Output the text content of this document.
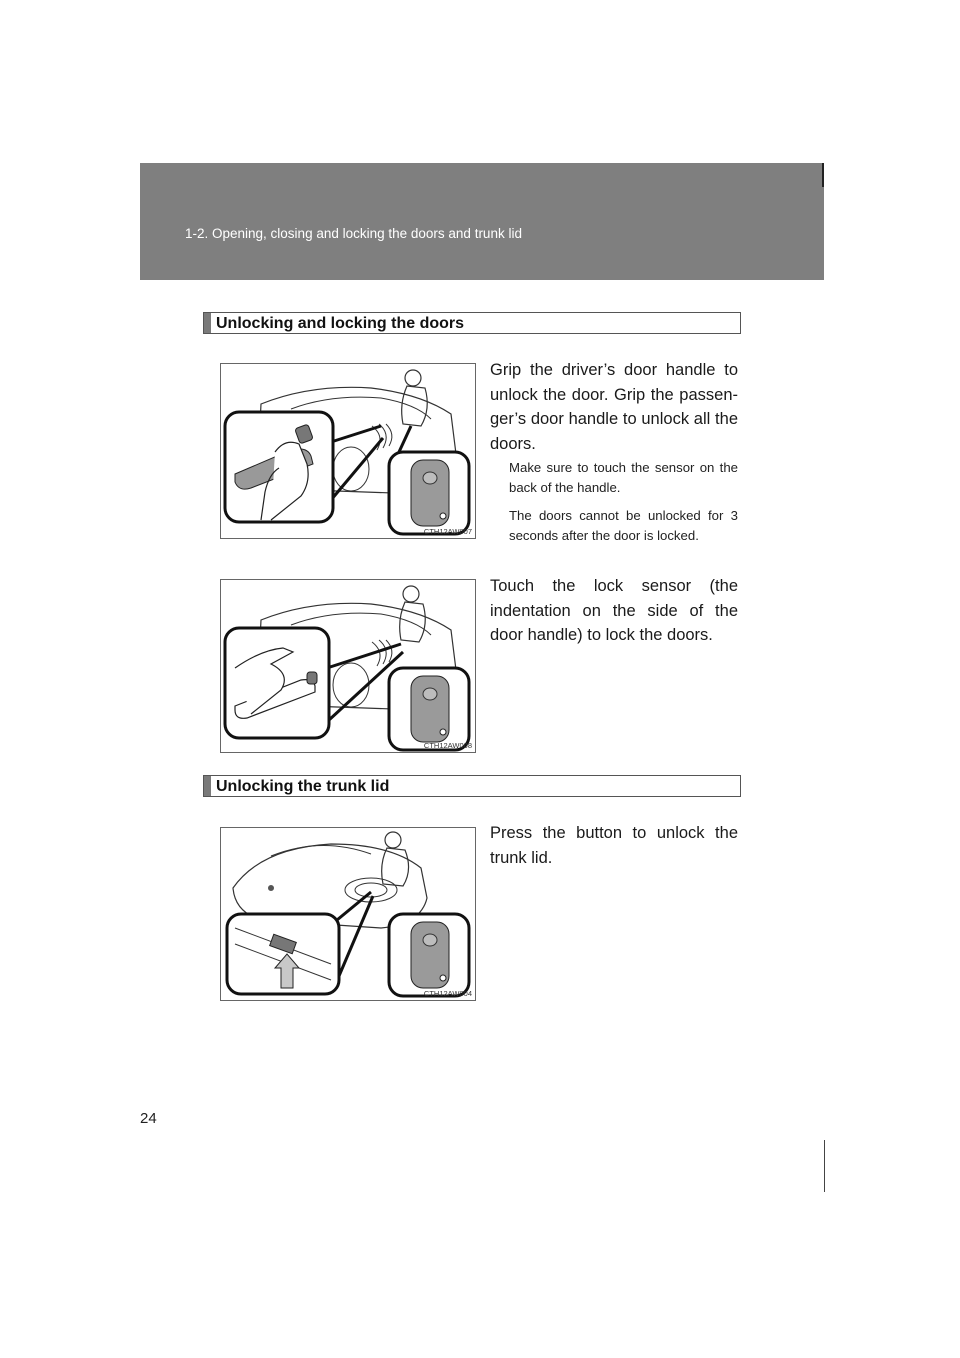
1-2. Opening, closing and locking the doors and trunk lid
Unlocking and locking the doors
CTH12AW007
Grip the driver’s door handle to unlock the door. Grip the passen-ger’s door handle to unlock all the doors.
Make sure to touch the sensor on the back of the handle.
The doors cannot be unlocked for 3 seconds after the door is locked.
CTH12AW008
Touch the lock sensor (the indentation on the side of the door handle) to lock the doors.
Unlocking the trunk lid
CTH12AW004
Press the button to unlock the trunk lid.
24
